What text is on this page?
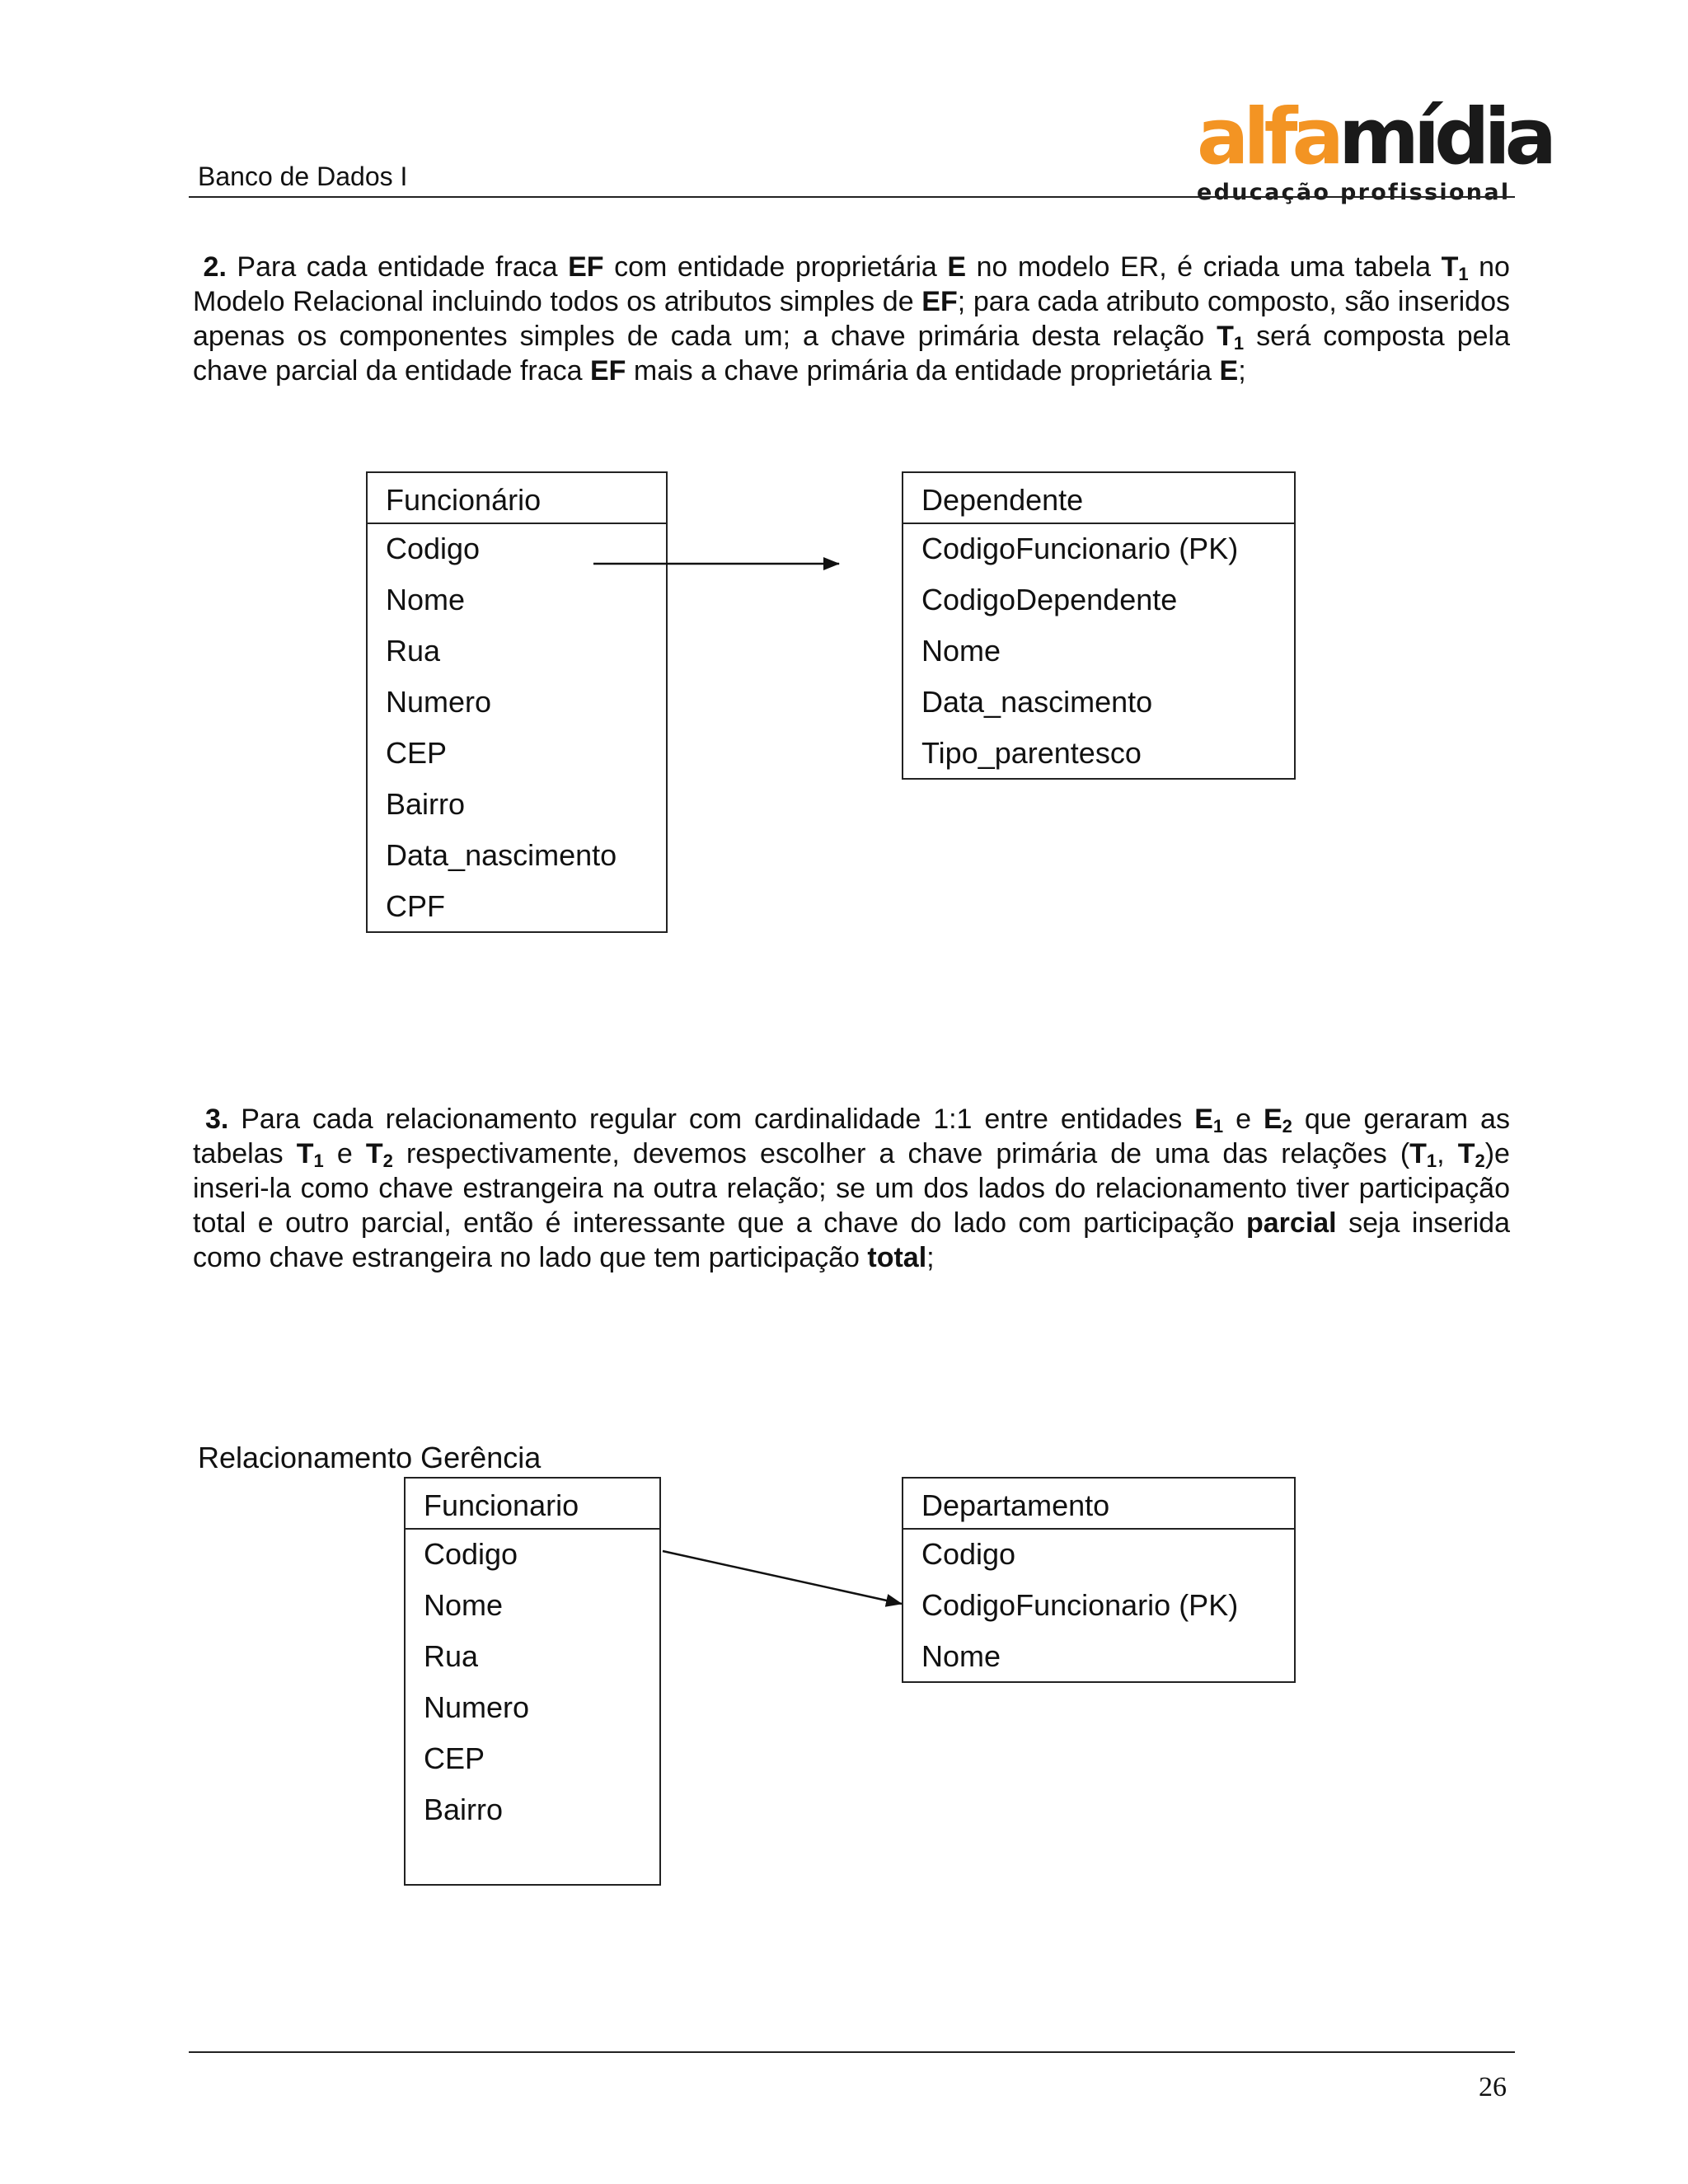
Banco de Dados I	alfamídia
educação profissional
2. Para cada entidade fraca EF com entidade proprietária E no modelo ER, é criada uma tabela $T_1$ no Modelo Relacional incluindo todos os atributos simples de EF; para cada atributo composto, são inseridos apenas os componentes simples de cada um; a chave primária desta relação $T_1$ será composta pela chave parcial da entidade fraca EF mais a chave primária da entidade proprietária E;
Funcionário
Codigo
Nome
Rua
Numero
CEP
Bairro
Data_nascimento
CPF
Dependente
CodigoFuncionario (PK)
CodigoDependente
Nome
Data_nascimento
Tipo_parentesco
3. Para cada relacionamento regular com cardinalidade 1:1 entre entidades $E_1$ e $E_2$ que geraram as tabelas $T_1$ e $T_2$ respectivamente, devemos escolher a chave primária de uma das relações ($T_1$, $T_2)e$ inseri-la como chave estrangeira na outra relação; se um dos lados do relacionamento tiver participação total e outro parcial, então é interessante que a chave do lado com participação parcial seja inserida como chave estrangeira no lado que tem participação total;
Relacionamento Gerência
Funcionario
Codigo
Nome
Rua
Numero
CEP
Bairro
Departamento
Codigo
CodigoFuncionario (PK)
Nome
26
